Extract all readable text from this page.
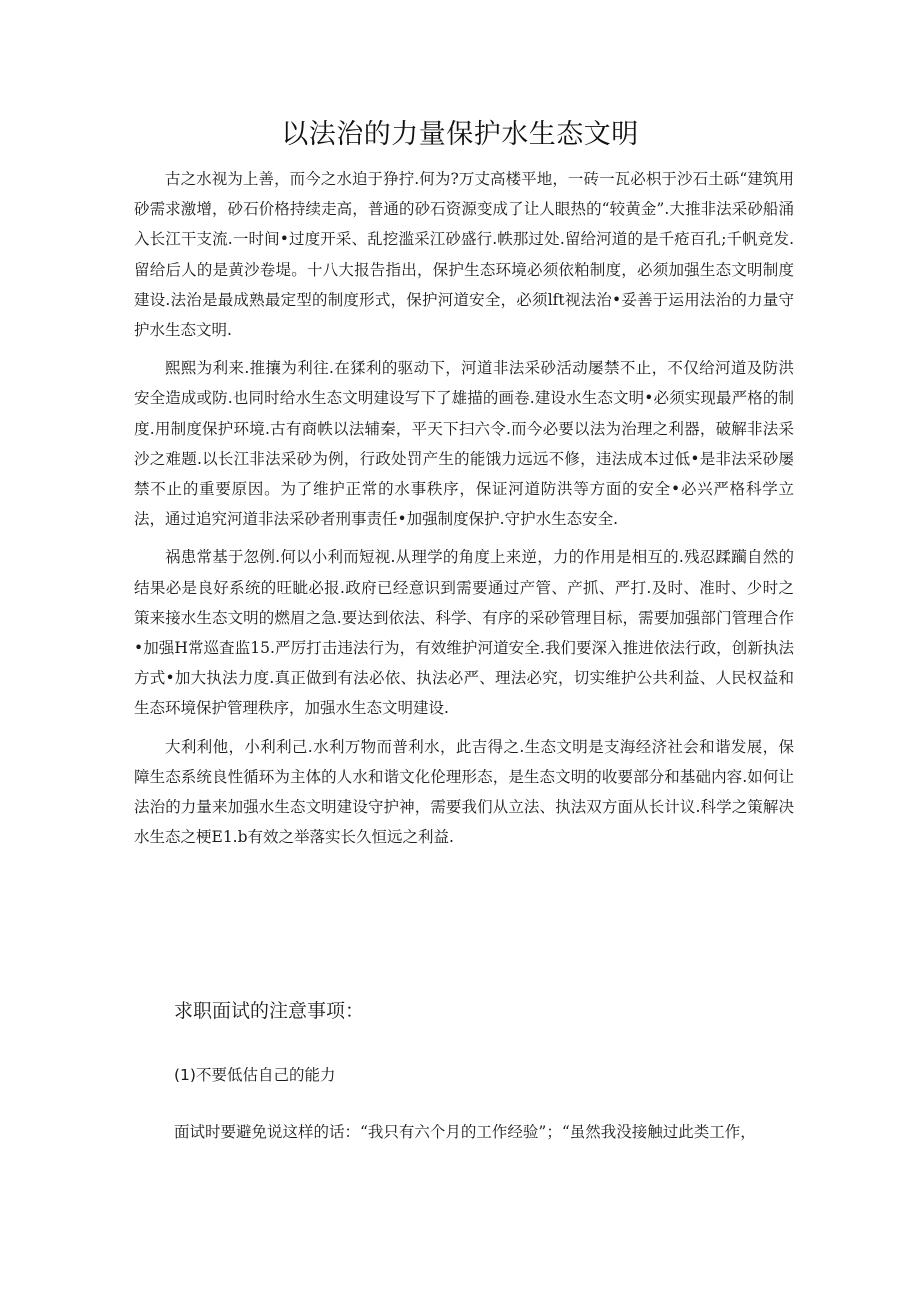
以法治的力量保护水生态文明

古之水视为上善，而今之水迫于狰拧.何为?万丈高楼平地，一砖一瓦必枳于沙石土砾“建筑用砂需求激增，砂石价格持续走高，普通的砂石资源变成了让人眼热的“较黄金”.大推非法采砂船涌入长江干支流.一时间•过度开采、乱挖滥采江砂盛行.帙那过处.留给河道的是千疮百孔;千帆竞发.留给后人的是黄沙卷堤。十八大报告指出，保护生态环境必须依粕制度，必须加强生态文明制度建设.法治是最成熟最定型的制度形式，保护河道安全，必须lft视法治•妥善于运用法治的力量守护水生态文明.

熙熙为利来.推攘为利往.在猱利的驱动下，河道非法采砂活动屡禁不止，不仅给河道及防洪安全造成或防.也同时给水生态文明建设写下了雄描的画卷.建设水生态文明•必须实现最严格的制度.用制度保护环境.古有商帙以法辅秦，平天下扫六令.而今必要以法为治理之利器，破解非法采沙之难题.以长江非法采砂为例，行政处罚产生的能饿力远远不修，违法成本过低•是非法采砂屡禁不止的重要原因。为了维护正常的水事秩序，保证河道防洪等方面的安全•必兴严格科学立法，通过追究河道非法采砂者刑事责任•加强制度保护.守护水生态安全.

祸患常基于忽例.何以小利而短视.从理学的角度上来逆，力的作用是相互的.残忍蹂躏自然的结果必是良好系统的旺眦必报.政府已经意识到需要通过产管、产抓、严打.及时、准时、少时之策来接水生态文明的燃眉之急.要达到依法、科学、有序的采砂管理目标，需要加强部门管理合作•加强H常巡査监15.严厉打击违法行为，有效维护河道安全.我们要深入推进依法行政，创新执法方式•加大执法力度.真正做到有法必依、执法必严、理法必究，切实维护公共利益、人民权益和生态环境保护管理秩序，加强水生态文明建设.

大利利他，小利利己.水利万物而普利水，此吉得之.生态文明是支海经济社会和谐发展，保障生态系统良性循环为主体的人水和谐文化伦理形态，是生态文明的收要部分和基础内容.如何让法治的力量来加强水生态文明建设守护神，需要我们从立法、执法双方面从长计议.科学之策解决水生态之梗E1.b有效之举落实长久恒远之利益.

求职面试的注意事项：

(1)不要低估自己的能力

面试时要避免说这样的话：“我只有六个月的工作经验”；“虽然我没接触过此类工作，
